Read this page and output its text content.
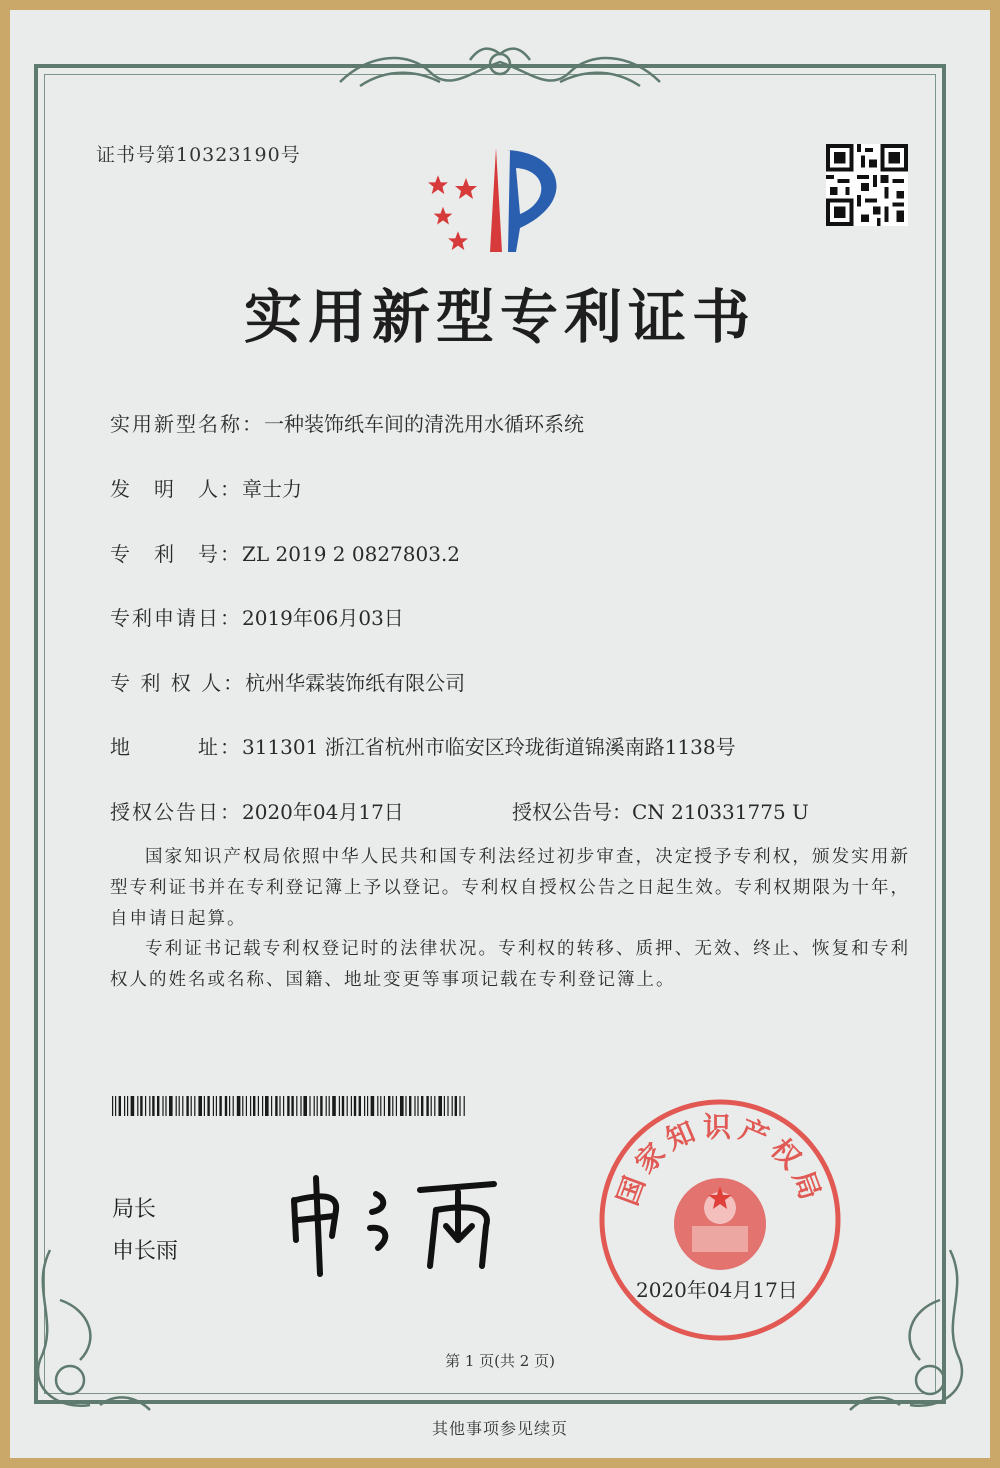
证书号第10323190号
实用新型专利证书
实用新型名称：一种装饰纸车间的清洗用水循环系统
发　明　人：章士力
专　利　号：ZL 2019 2 0827803.2
专利申请日：2019年06月03日
专 利 权 人：杭州华霖装饰纸有限公司
地　　　址：311301 浙江省杭州市临安区玲珑街道锦溪南路1138号
授权公告日：2020年04月17日	授权公告号：CN 210331775 U
国家知识产权局依照中华人民共和国专利法经过初步审查，决定授予专利权，颁发实用新型专利证书并在专利登记簿上予以登记。专利权自授权公告之日起生效。专利权期限为十年，自申请日起算。
专利证书记载专利权登记时的法律状况。专利权的转移、质押、无效、终止、恢复和专利权人的姓名或名称、国籍、地址变更等事项记载在专利登记簿上。
局长
申长雨
国家知识产权局
2020年04月17日
第 1 页(共 2 页)
其他事项参见续页
